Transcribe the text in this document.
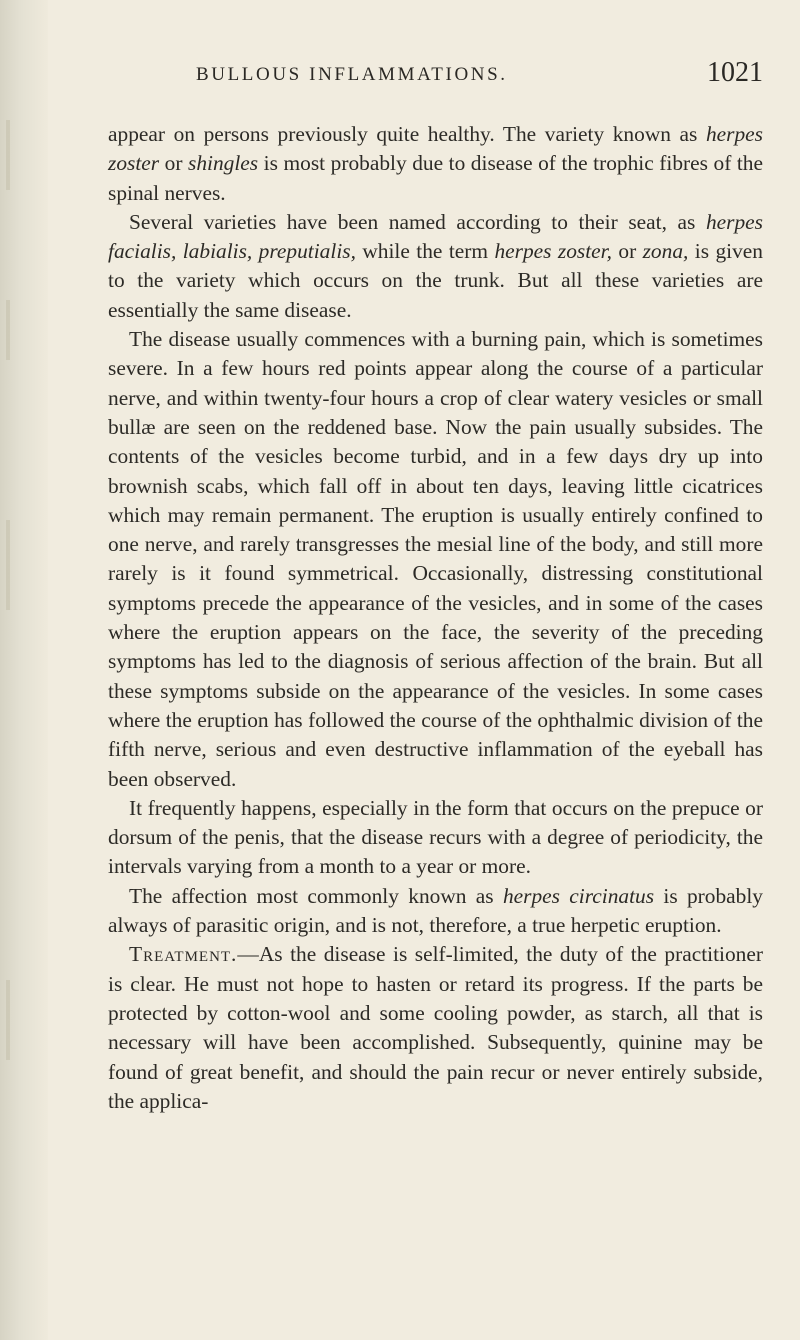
BULLOUS INFLAMMATIONS.	1021

appear on persons previously quite healthy. The variety known as herpes zoster or shingles is most probably due to disease of the trophic fibres of the spinal nerves.

Several varieties have been named according to their seat, as herpes facialis, labialis, preputialis, while the term herpes zoster, or zona, is given to the variety which occurs on the trunk. But all these varieties are essentially the same disease.

The disease usually commences with a burning pain, which is sometimes severe. In a few hours red points appear along the course of a particular nerve, and within twenty-four hours a crop of clear watery vesicles or small bullæ are seen on the reddened base. Now the pain usually subsides. The contents of the vesicles become turbid, and in a few days dry up into brownish scabs, which fall off in about ten days, leaving little cicatrices which may remain permanent. The eruption is usually entirely confined to one nerve, and rarely transgresses the mesial line of the body, and still more rarely is it found symmetrical. Occasionally, distressing constitutional symptoms precede the appearance of the vesicles, and in some of the cases where the eruption appears on the face, the severity of the preceding symptoms has led to the diagnosis of serious affection of the brain. But all these symptoms subside on the appearance of the vesicles. In some cases where the eruption has followed the course of the ophthalmic division of the fifth nerve, serious and even destructive inflammation of the eyeball has been observed.

It frequently happens, especially in the form that occurs on the prepuce or dorsum of the penis, that the disease recurs with a degree of periodicity, the intervals varying from a month to a year or more.

The affection most commonly known as herpes circinatus is probably always of parasitic origin, and is not, therefore, a true herpetic eruption.

Treatment.—As the disease is self-limited, the duty of the practitioner is clear. He must not hope to hasten or retard its progress. If the parts be protected by cotton-wool and some cooling powder, as starch, all that is necessary will have been accomplished. Subsequently, quinine may be found of great benefit, and should the pain recur or never entirely subside, the applica-
